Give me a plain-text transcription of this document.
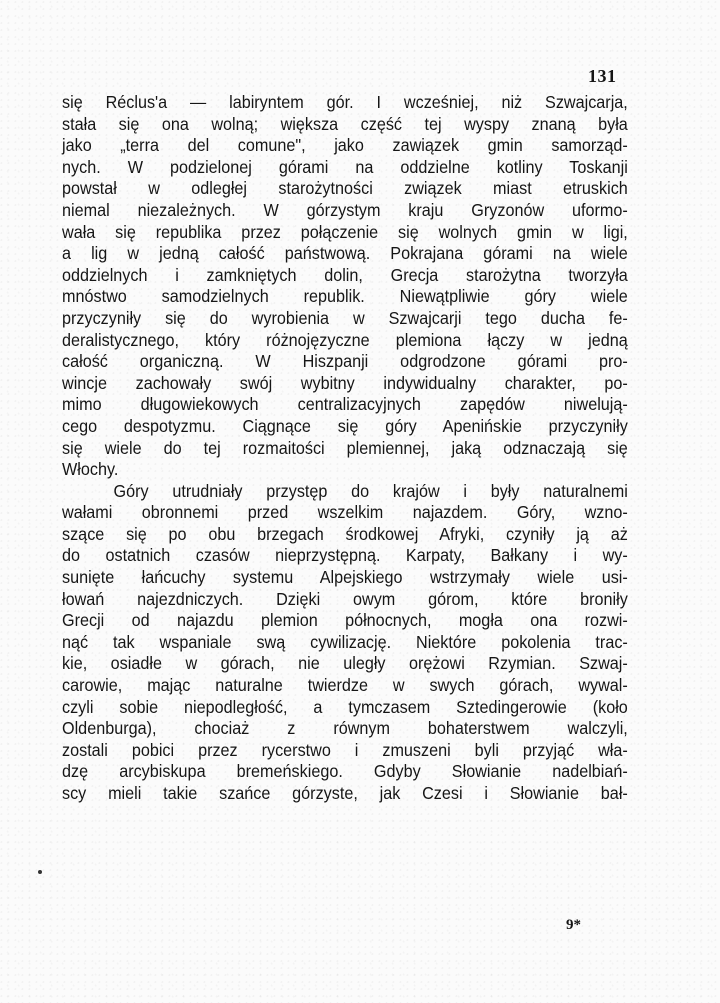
131
się Réclus'a — labiryntem gór. I wcześniej, niż Szwajcarja,
stała się ona wolną; większa część tej wyspy znaną była
jako „terra del comune", jako zawiązek gmin samorząd-
nych. W podzielonej górami na oddzielne kotliny Toskanji
powstał w odległej starożytności związek miast etruskich
niemal niezależnych. W górzystym kraju Gryzonów uformo-
wała się republika przez połączenie się wolnych gmin w ligi,
a lig w jedną całość państwową. Pokrajana górami na wiele
oddzielnych i zamkniętych dolin, Grecja starożytna tworzyła
mnóstwo samodzielnych republik. Niewątpliwie góry wiele
przyczyniły się do wyrobienia w Szwajcarji tego ducha fe-
deralistycznego, który różnojęzyczne plemiona łączy w jedną
całość organiczną. W Hiszpanji odgrodzone górami pro-
wincje zachowały swój wybitny indywidualny charakter, po-
mimo długowiekowych centralizacyjnych zapędów niwelują-
cego despotyzmu. Ciągnące się góry Apenińskie przyczyniły
się wiele do tej rozmaitości plemiennej, jaką odznaczają się
Włochy.
Góry utrudniały przystęp do krajów i były naturalnemi
wałami obronnemi przed wszelkim najazdem. Góry, wzno-
szące się po obu brzegach środkowej Afryki, czyniły ją aż
do ostatnich czasów nieprzystępną. Karpaty, Bałkany i wy-
sunięte łańcuchy systemu Alpejskiego wstrzymały wiele usi-
łowań najezdniczych. Dzięki owym górom, które broniły
Grecji od najazdu plemion północnych, mogła ona rozwi-
nąć tak wspaniale swą cywilizację. Niektóre pokolenia trac-
kie, osiadłe w górach, nie uległy orężowi Rzymian. Szwaj-
carowie, mając naturalne twierdze w swych górach, wywal-
czyli sobie niepodległość, a tymczasem Sztedingerowie (koło
Oldenburga), chociaż z równym bohaterstwem walczyli,
zostali pobici przez rycerstwo i zmuszeni byli przyjąć wła-
dzę arcybiskupa bremeńskiego. Gdyby Słowianie nadelbiań-
scy mieli takie szańce górzyste, jak Czesi i Słowianie bał-
9*
